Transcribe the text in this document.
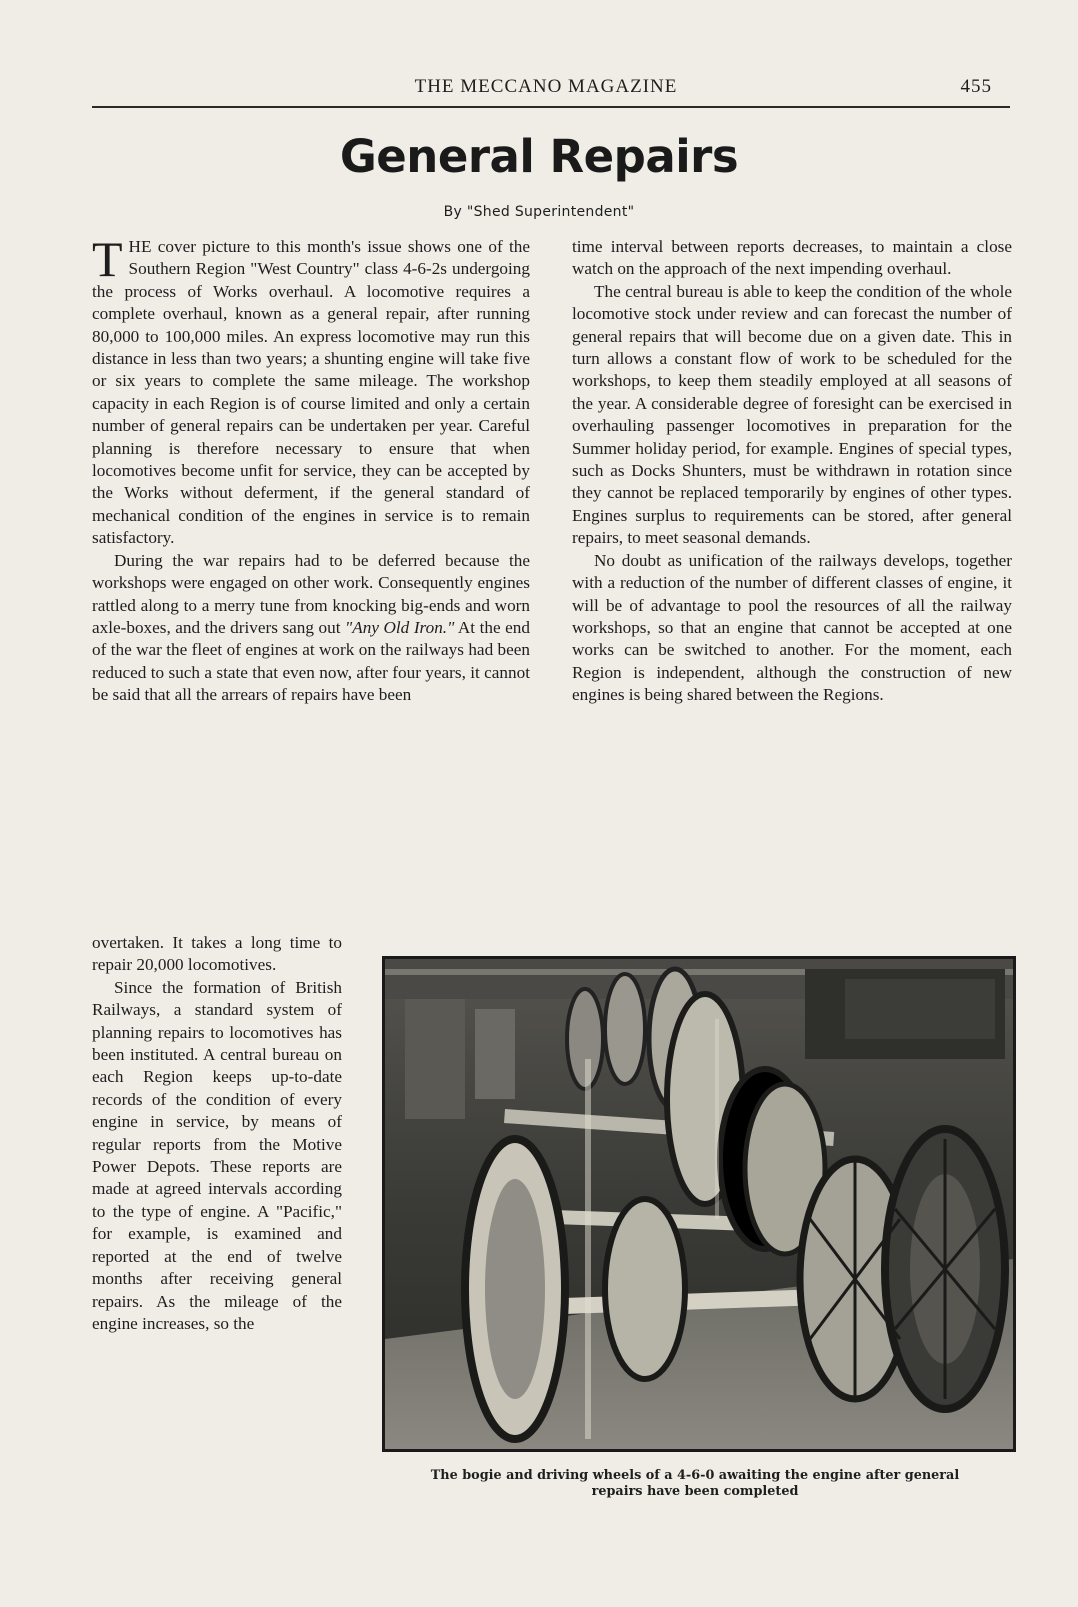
THE MECCANO MAGAZINE	455
General Repairs
By "Shed Superintendent"

THE cover picture to this month's issue shows one of the Southern Region "West Country" class 4-6-2s undergoing the process of Works overhaul. A locomotive requires a complete overhaul, known as a general repair, after running 80,000 to 100,000 miles. An express locomotive may run this distance in less than two years; a shunting engine will take five or six years to complete the same mileage. The workshop capacity in each Region is of course limited and only a certain number of general repairs can be undertaken per year. Careful planning is therefore necessary to ensure that when locomotives become unfit for service, they can be accepted by the Works without deferment, if the general standard of mechanical condition of the engines in service is to remain satisfactory.

During the war repairs had to be deferred because the workshops were engaged on other work. Consequently engines rattled along to a merry tune from knocking big-ends and worn axle-boxes, and the drivers sang out "Any Old Iron." At the end of the war the fleet of engines at work on the railways had been reduced to such a state that even now, after four years, it cannot be said that all the arrears of repairs have been

overtaken. It takes a long time to repair 20,000 locomotives.

Since the formation of British Railways, a standard system of planning repairs to locomotives has been instituted. A central bureau on each Region keeps up-to-date records of the condition of every engine in service, by means of regular reports from the Motive Power Depots. These reports are made at agreed intervals according to the type of engine. A "Pacific," for example, is examined and reported at the end of twelve months after receiving general repairs. As the mileage of the engine increases, so the

time interval between reports decreases, to maintain a close watch on the approach of the next impending overhaul.

The central bureau is able to keep the condition of the whole locomotive stock under review and can forecast the number of general repairs that will become due on a given date. This in turn allows a constant flow of work to be scheduled for the workshops, to keep them steadily employed at all seasons of the year. A considerable degree of foresight can be exercised in overhauling passenger locomotives in preparation for the Summer holiday period, for example. Engines of special types, such as Docks Shunters, must be withdrawn in rotation since they cannot be replaced temporarily by engines of other types. Engines surplus to requirements can be stored, after general repairs, to meet seasonal demands.

No doubt as unification of the railways develops, together with a reduction of the number of different classes of engine, it will be of advantage to pool the resources of all the railway workshops, so that an engine that cannot be accepted at one works can be switched to another. For the moment, each Region is independent, although the construction of new engines is being shared between the Regions.

The bogie and driving wheels of a 4-6-0 awaiting the engine after general
repairs have been completed
